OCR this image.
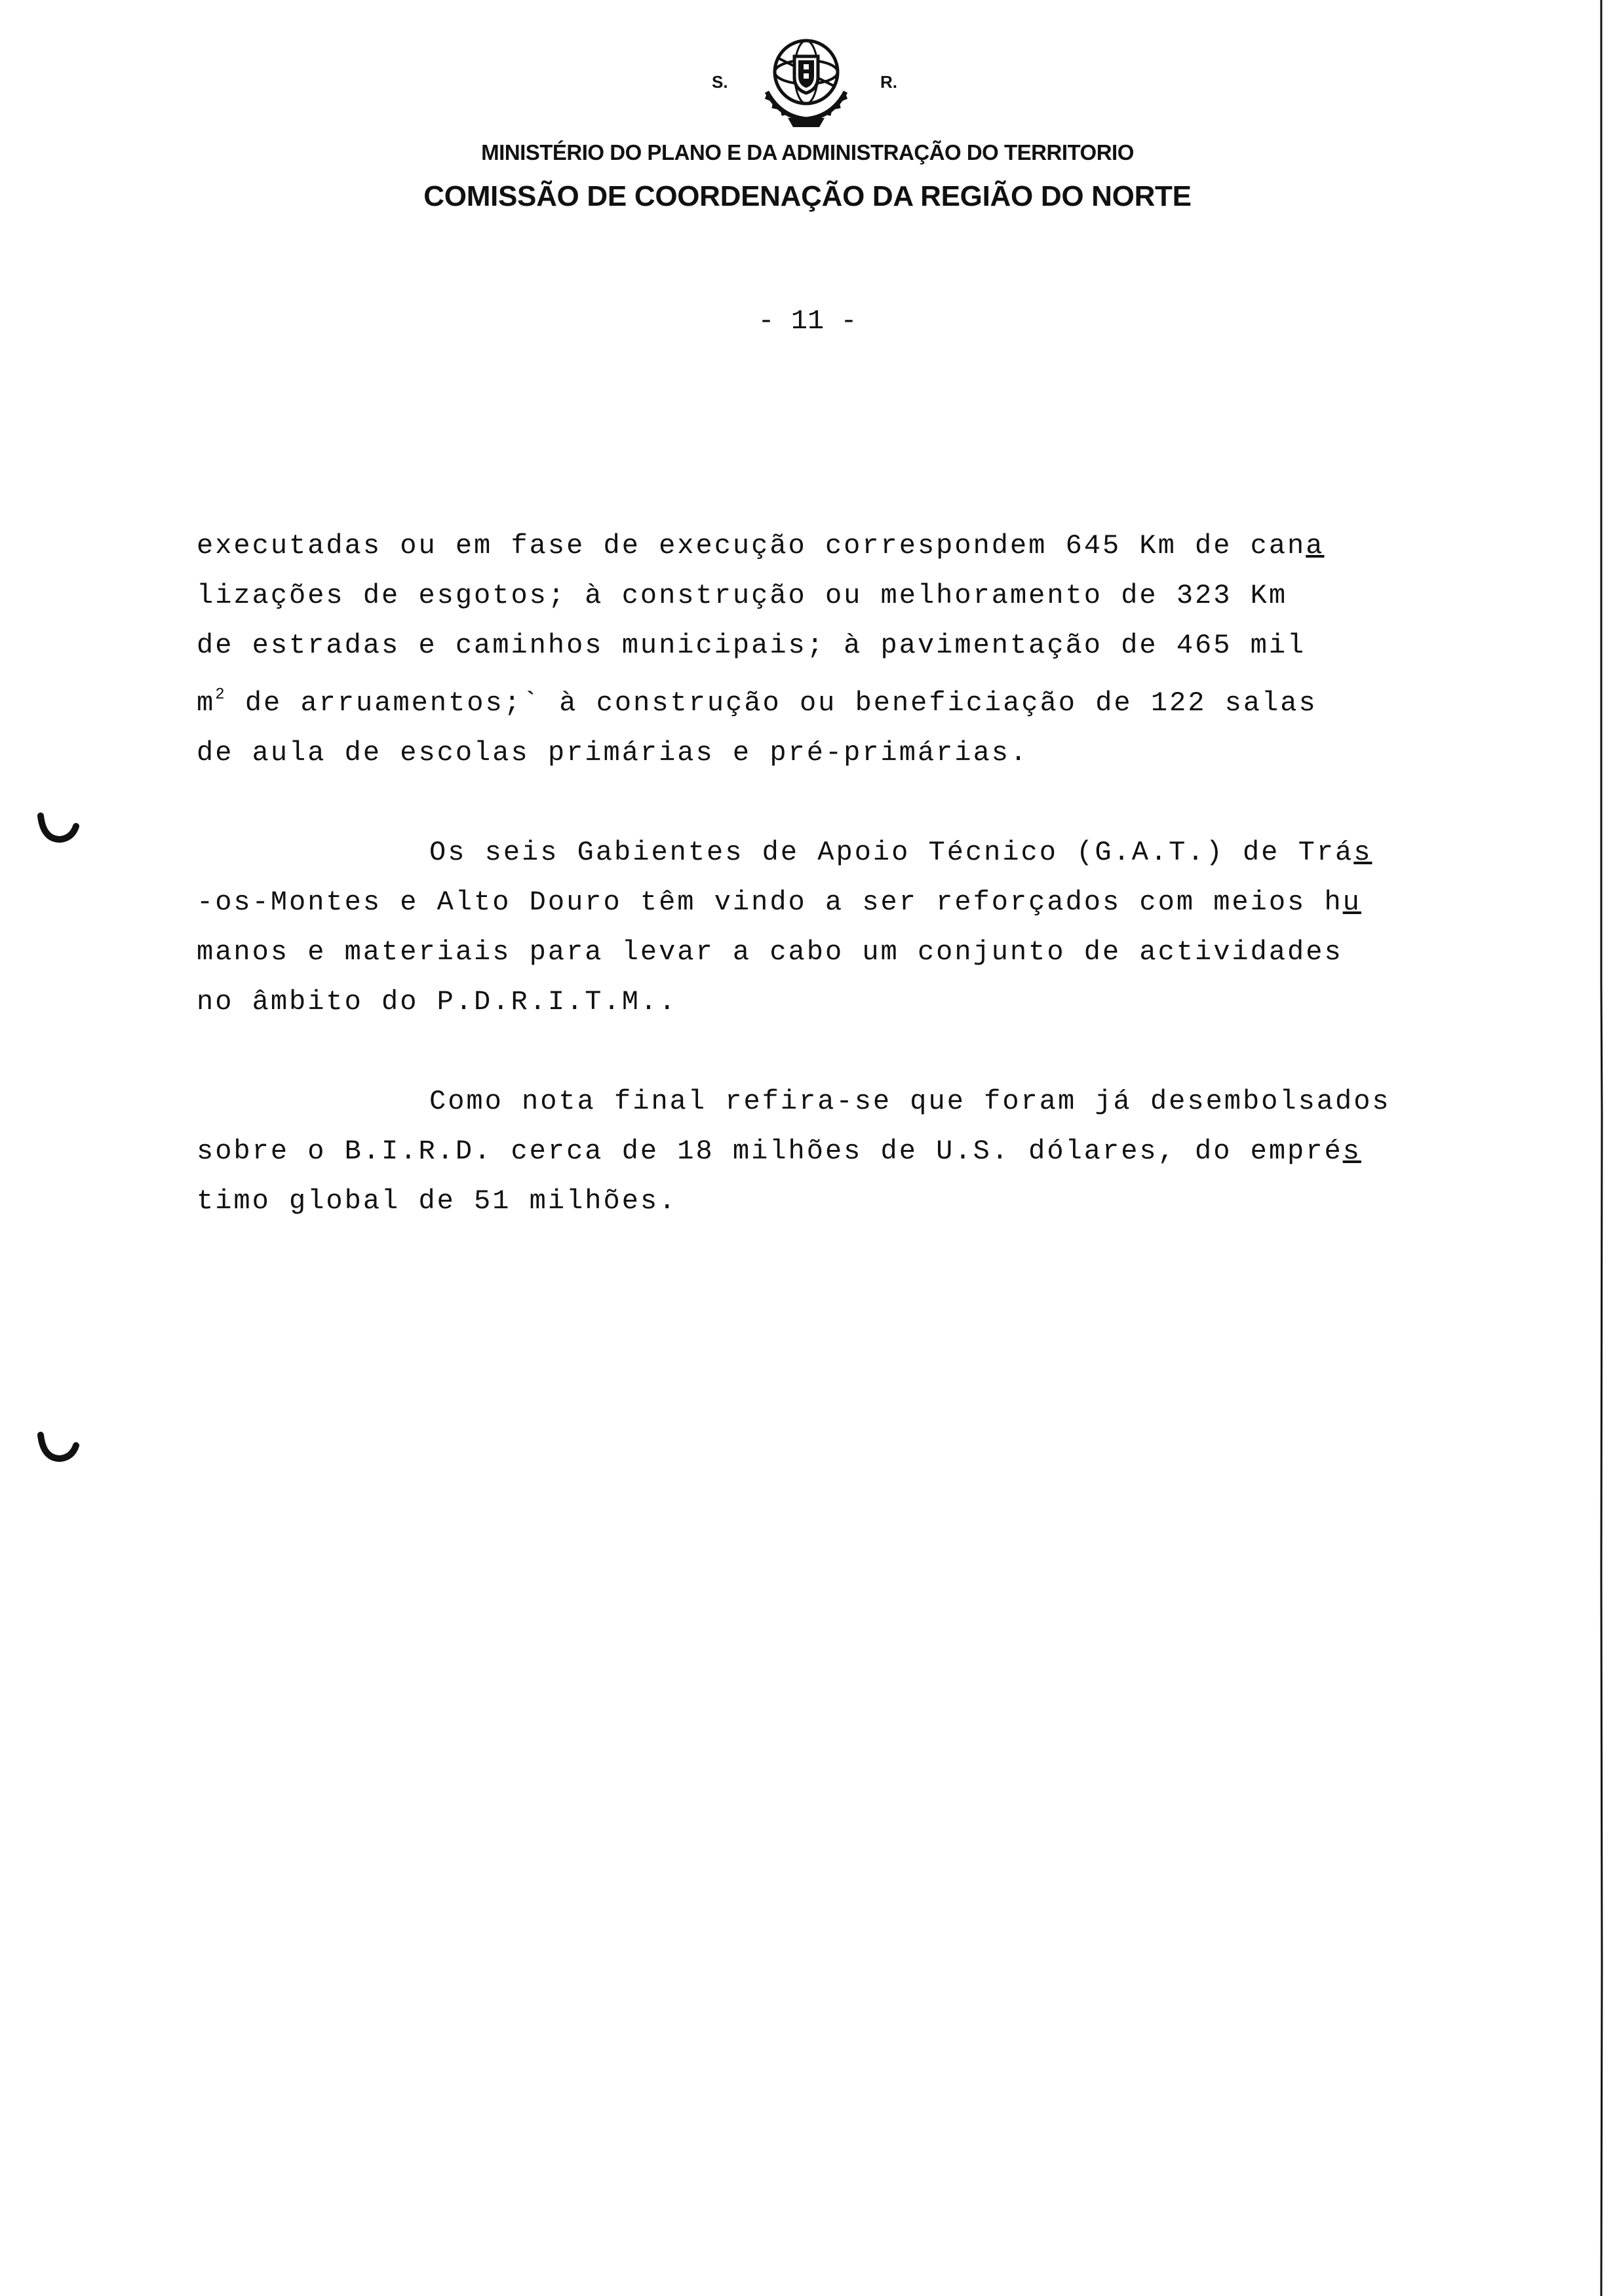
S.	R.
MINISTÉRIO DO PLANO E DA ADMINISTRAÇÃO DO TERRITORIO
COMISSÃO DE COORDENAÇÃO DA REGIÃO DO NORTE
- 11 -
executadas ou em fase de execução correspondem 645 Km de cana
lizações de esgotos; à construção ou melhoramento de 323 Km
de estradas e caminhos municipais; à pavimentação de 465 mil
$m^2$ de arruamentos;` à construção ou beneficiação de 122 salas
de aula de escolas primárias e pré-primárias.
Os seis Gabientes de Apoio Técnico (G.A.T.) de Trás
-os-Montes e Alto Douro têm vindo a ser reforçados com meios hu
manos e materiais para levar a cabo um conjunto de actividades
no âmbito do P.D.R.I.T.M..
Como nota final refira-se que foram já desembolsados
sobre o B.I.R.D. cerca de 18 milhões de U.S. dólares, do emprés
timo global de 51 milhões.
